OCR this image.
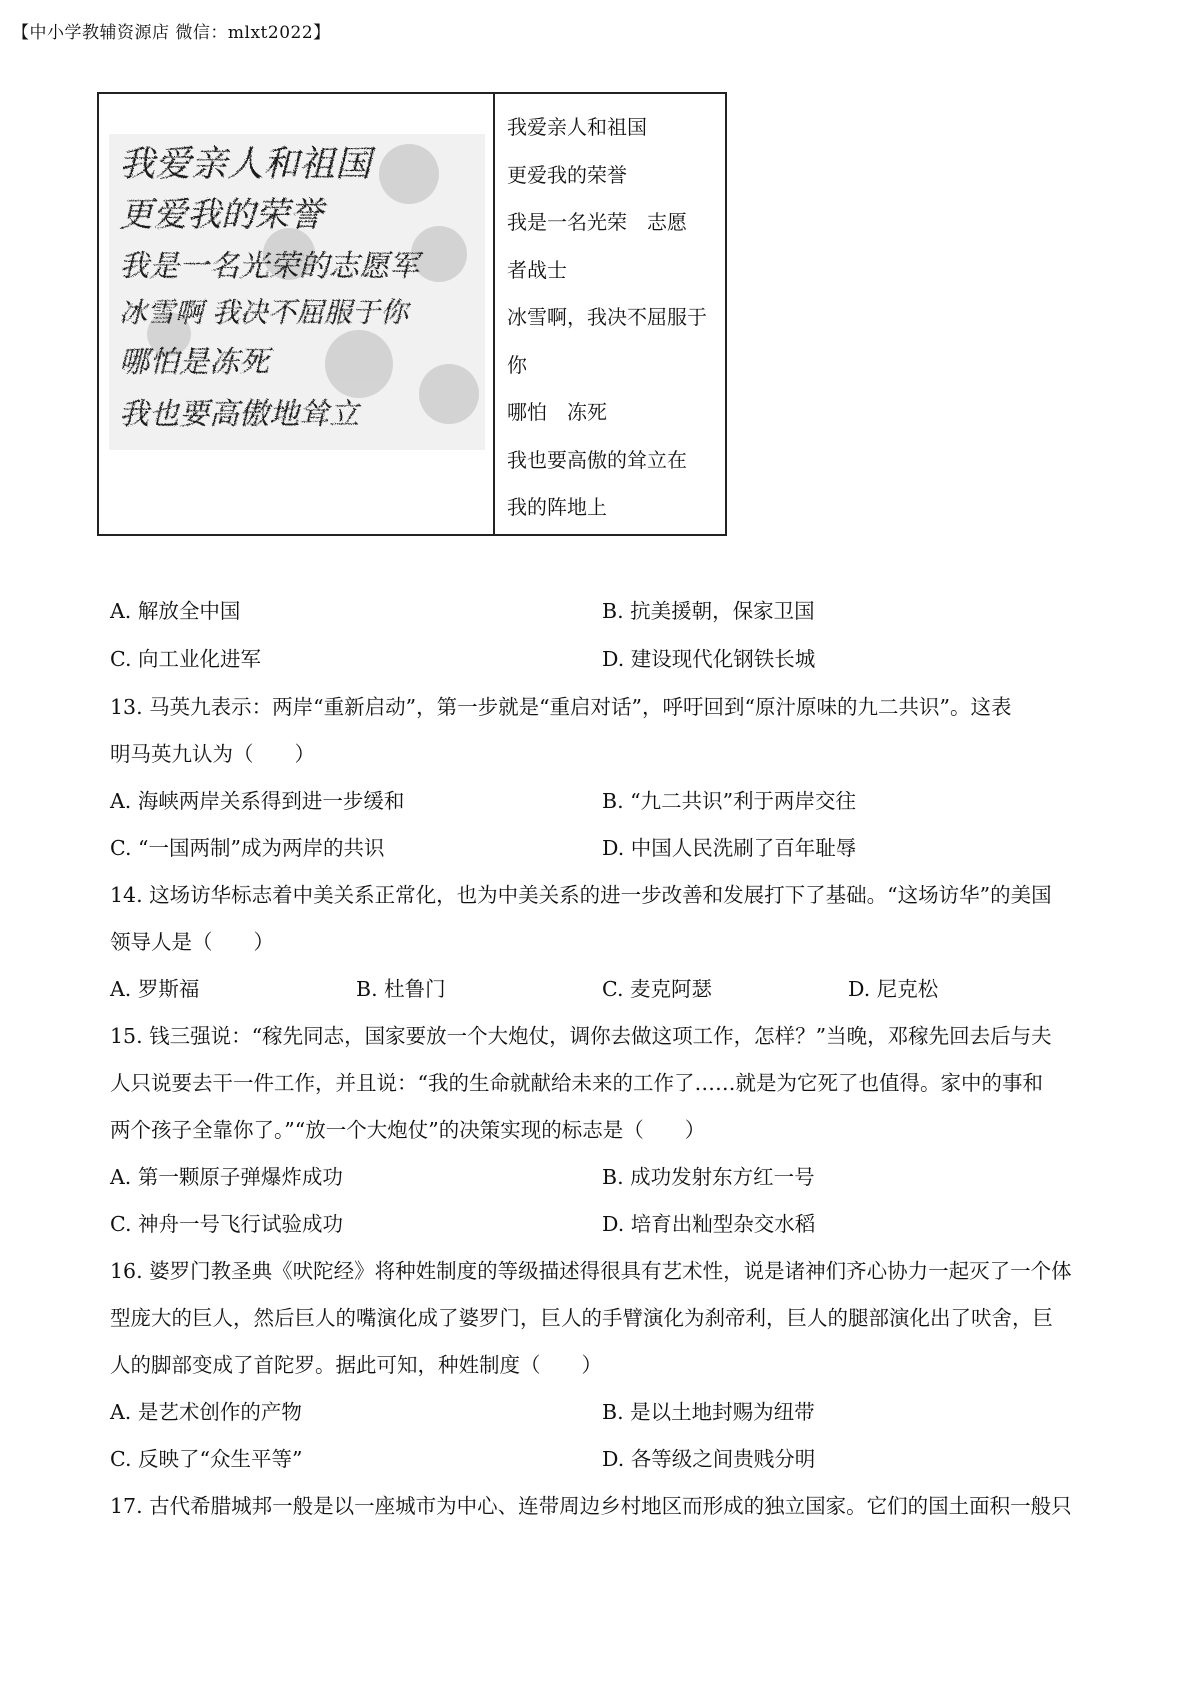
【中小学教辅资源店 微信：mlxt2022】
我爱亲人和祖国
更爱我的荣誉
我是一名光荣的志愿军
冰雪啊 我决不屈服于你
哪怕是冻死
我也要高傲地耸立
我爱亲人和祖国
更爱我的荣誉
我是一名光荣　志愿
者战士
冰雪啊，我决不屈服于
你
哪怕　冻死
我也要高傲的耸立在
我的阵地上
A. 解放全中国	B. 抗美援朝，保家卫国
C. 向工业化进军	D. 建设现代化钢铁长城
13. 马英九表示：两岸“重新启动”，第一步就是“重启对话”，呼吁回到“原汁原味的九二共识”。这表
明马英九认为（　　）
A. 海峡两岸关系得到进一步缓和	B. “九二共识”利于两岸交往
C. “一国两制”成为两岸的共识	D. 中国人民洗刷了百年耻辱
14. 这场访华标志着中美关系正常化，也为中美关系的进一步改善和发展打下了基础。“这场访华”的美国
领导人是（　　）
A. 罗斯福	B. 杜鲁门	C. 麦克阿瑟	D. 尼克松
15. 钱三强说：“稼先同志，国家要放一个大炮仗，调你去做这项工作，怎样？”当晚，邓稼先回去后与夫
人只说要去干一件工作，并且说：“我的生命就献给未来的工作了……就是为它死了也值得。家中的事和
两个孩子全靠你了。”“放一个大炮仗”的决策实现的标志是（　　）
A. 第一颗原子弹爆炸成功	B. 成功发射东方红一号
C. 神舟一号飞行试验成功	D. 培育出籼型杂交水稻
16. 婆罗门教圣典《吠陀经》将种姓制度的等级描述得很具有艺术性，说是诸神们齐心协力一起灭了一个体
型庞大的巨人，然后巨人的嘴演化成了婆罗门，巨人的手臂演化为刹帝利，巨人的腿部演化出了吠舍，巨
人的脚部变成了首陀罗。据此可知，种姓制度（　　）
A. 是艺术创作的产物	B. 是以土地封赐为纽带
C. 反映了“众生平等”	D. 各等级之间贵贱分明
17. 古代希腊城邦一般是以一座城市为中心、连带周边乡村地区而形成的独立国家。它们的国土面积一般只
